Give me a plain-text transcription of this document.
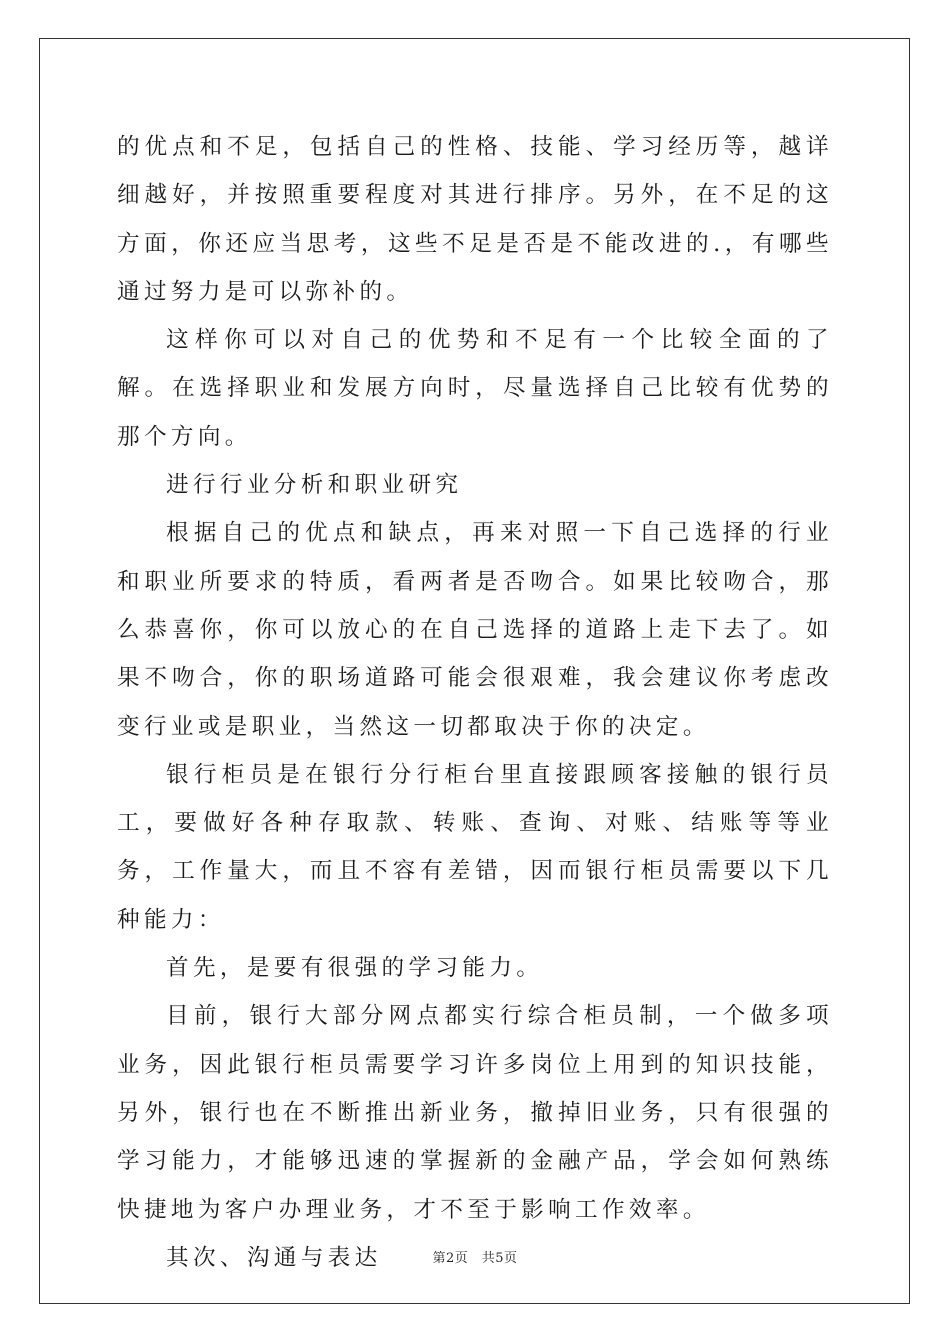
的优点和不足，包括自己的性格、技能、学习经历等，越详细越好，并按照重要程度对其进行排序。另外，在不足的这方面，你还应当思考，这些不足是否是不能改进的.，有哪些通过努力是可以弥补的。

这样你可以对自己的优势和不足有一个比较全面的了解。在选择职业和发展方向时，尽量选择自己比较有优势的那个方向。

进行行业分析和职业研究

根据自己的优点和缺点，再来对照一下自己选择的行业和职业所要求的特质，看两者是否吻合。如果比较吻合，那么恭喜你，你可以放心的在自己选择的道路上走下去了。如果不吻合，你的职场道路可能会很艰难，我会建议你考虑改变行业或是职业，当然这一切都取决于你的决定。

银行柜员是在银行分行柜台里直接跟顾客接触的银行员工，要做好各种存取款、转账、查询、对账、结账等等业务，工作量大，而且不容有差错，因而银行柜员需要以下几种能力：

首先，是要有很强的学习能力。

目前，银行大部分网点都实行综合柜员制，一个做多项业务，因此银行柜员需要学习许多岗位上用到的知识技能，另外，银行也在不断推出新业务，撤掉旧业务，只有很强的学习能力，才能够迅速的掌握新的金融产品，学会如何熟练快捷地为客户办理业务，才不至于影响工作效率。

其次、沟通与表达	第2页　共5页
